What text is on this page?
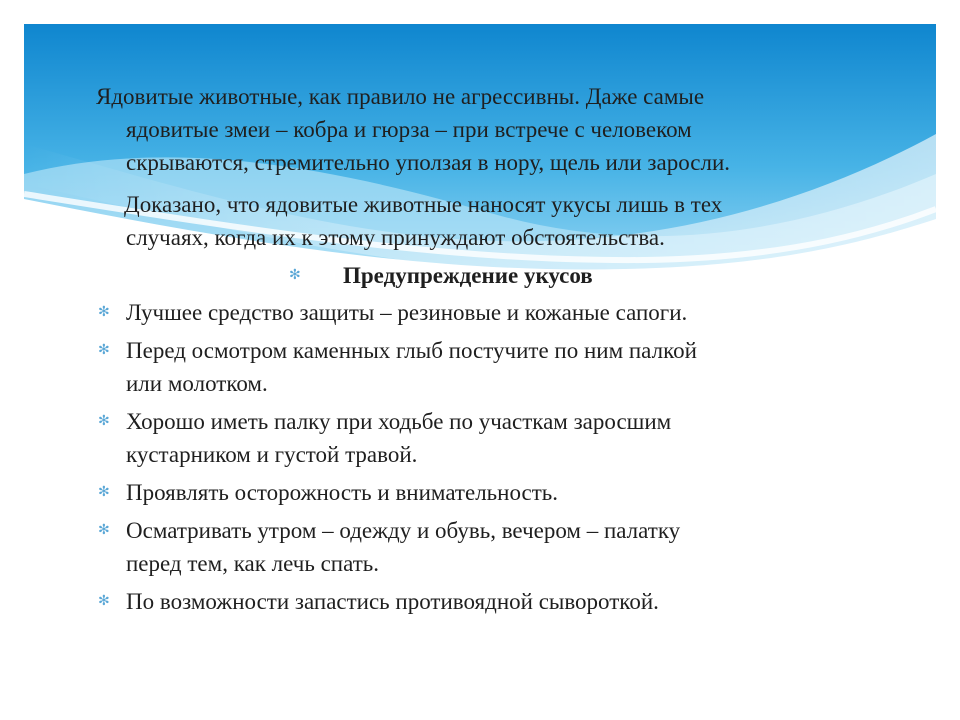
Ядовитые животные, как правило не агрессивны. Даже самые
ядовитые змеи – кобра и гюрза – при встрече с человеком
скрываются, стремительно уползая в нору, щель или заросли.
Доказано, что ядовитые животные наносят укусы лишь в тех
случаях, когда их к этому принуждают обстоятельства.
✻ Предупреждение укусов
✻ Лучшее средство защиты – резиновые и кожаные сапоги.
✻ Перед осмотром каменных глыб постучите по ним палкой
или молотком.
✻ Хорошо иметь палку при ходьбе по участкам заросшим
кустарником и густой травой.
✻ Проявлять осторожность и внимательность.
✻ Осматривать утром – одежду и обувь, вечером – палатку
перед тем, как лечь спать.
✻ По возможности запастись противоядной сывороткой.
